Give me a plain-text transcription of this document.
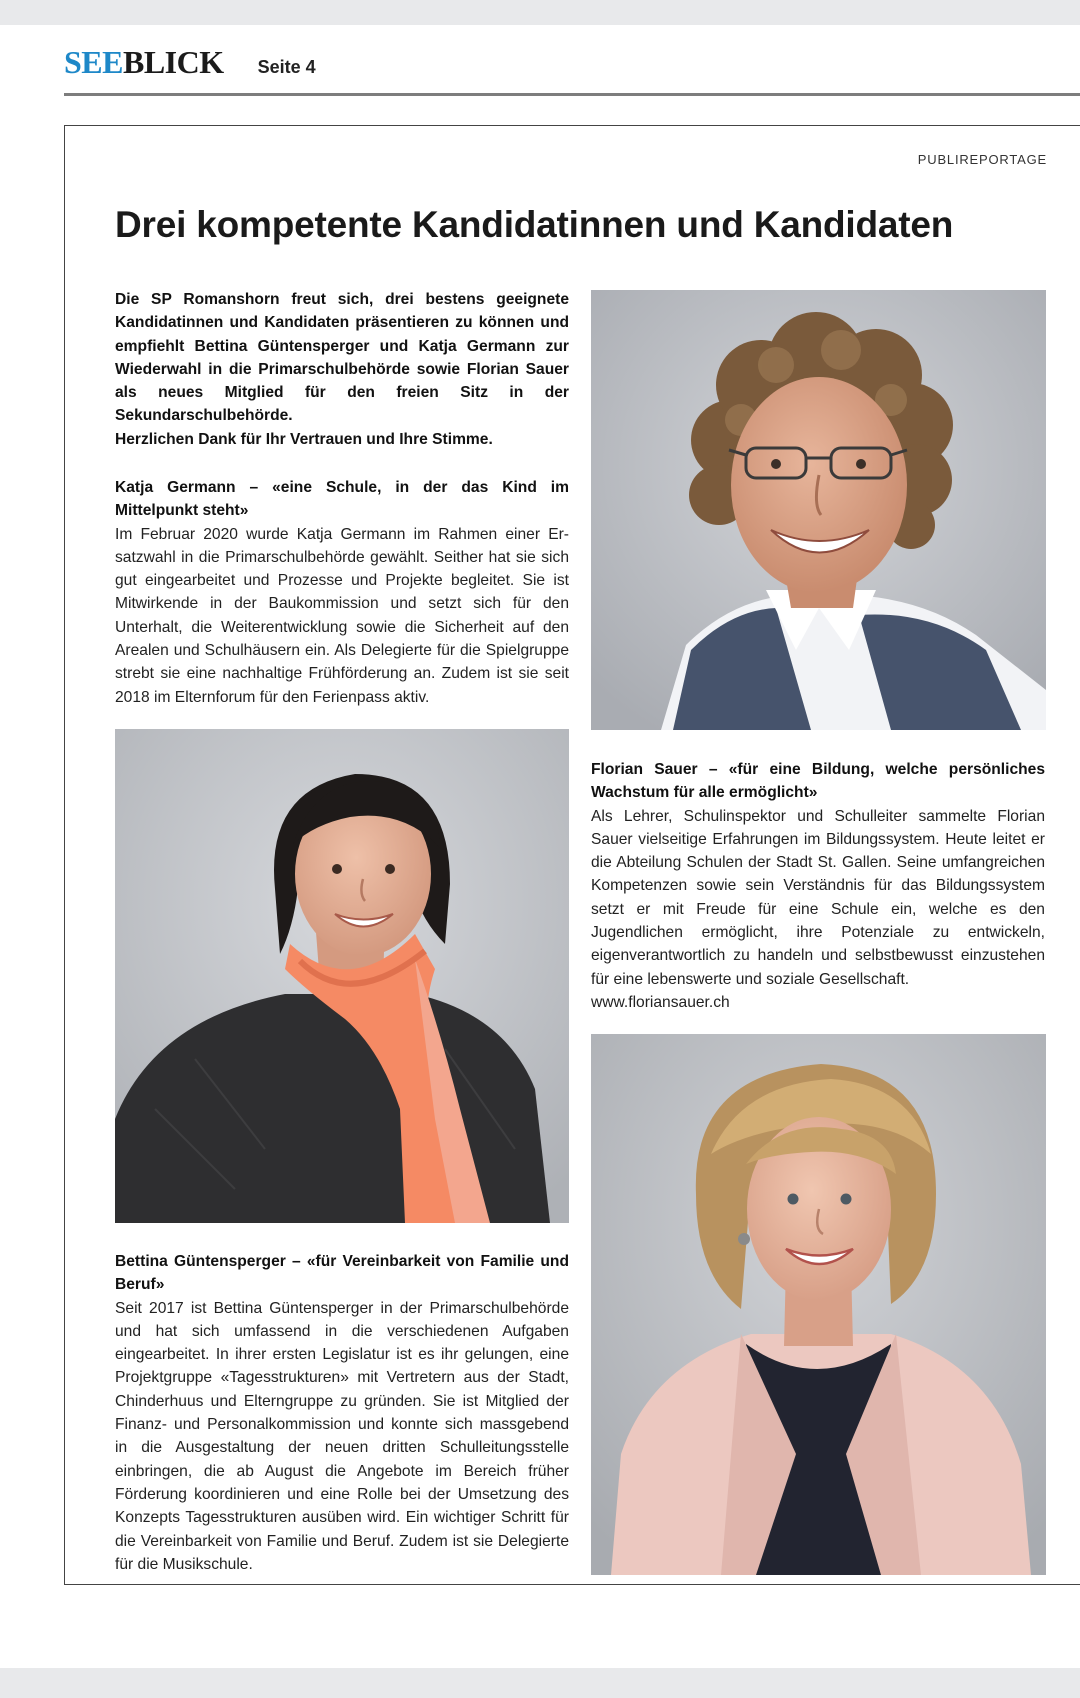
SEEBLICK Seite 4
PUBLIREPORTAGE
Drei kompetente Kandidatinnen und Kandidaten

Die SP Romanshorn freut sich, drei bestens geeignete Kandidatinnen und Kandidaten präsentieren zu können und empfiehlt Bettina Güntensperger und Katja Germann zur Wiederwahl in die Primarschulbehörde sowie Florian Sauer als neues Mitglied für den freien Sitz in der Sekundarschulbehörde.

Herzlichen Dank für Ihr Vertrauen und Ihre Stimme.

Katja Germann – «eine Schule, in der das Kind im Mittelpunkt steht»

Im Februar 2020 wurde Katja Germann im Rahmen einer Ersatzwahl in die Primarschulbehörde gewählt. Seither hat sie sich gut eingearbeitet und Prozesse und Projekte begleitet. Sie ist Mitwirkende in der Baukommission und setzt sich für den Unterhalt, die Weiterentwicklung sowie die Sicherheit auf den Arealen und Schulhäusern ein. Als Delegierte für die Spielgruppe strebt sie eine nachhaltige Frühförderung an. Zudem ist sie seit 2018 im Elternforum für den Ferienpass aktiv.

Florian Sauer – «für eine Bildung, welche persönliches Wachstum für alle ermöglicht»

Als Lehrer, Schulinspektor und Schulleiter sammelte Florian Sauer vielseitige Erfahrungen im Bildungssystem. Heute leitet er die Abteilung Schulen der Stadt St. Gallen. Seine umfangreichen Kompetenzen sowie sein Verständnis für das Bildungssystem setzt er mit Freude für eine Schule ein, welche es den Jugendlichen ermöglicht, ihre Potenziale zu entwickeln, eigenverantwortlich zu handeln und selbstbewusst einzustehen für eine lebenswerte und soziale Gesellschaft.

www.floriansauer.ch

Bettina Güntensperger – «für Vereinbarkeit von Familie und Beruf»

Seit 2017 ist Bettina Güntensperger in der Primarschulbehörde und hat sich umfassend in die verschiedenen Aufgaben eingearbeitet. In ihrer ersten Legislatur ist es ihr gelungen, eine Projektgruppe «Tagesstrukturen» mit Vertretern aus der Stadt, Chinderhuus und Elterngruppe zu gründen. Sie ist Mitglied der Finanz- und Personalkommission und konnte sich massgebend in die Ausgestaltung der neuen dritten Schulleitungsstelle einbringen, die ab August die Angebote im Bereich früher Förderung koordinieren und eine Rolle bei der Umsetzung des Konzepts Tagesstrukturen ausüben wird. Ein wichtiger Schritt für die Vereinbarkeit von Familie und Beruf. Zudem ist sie Delegierte für die Musikschule.
